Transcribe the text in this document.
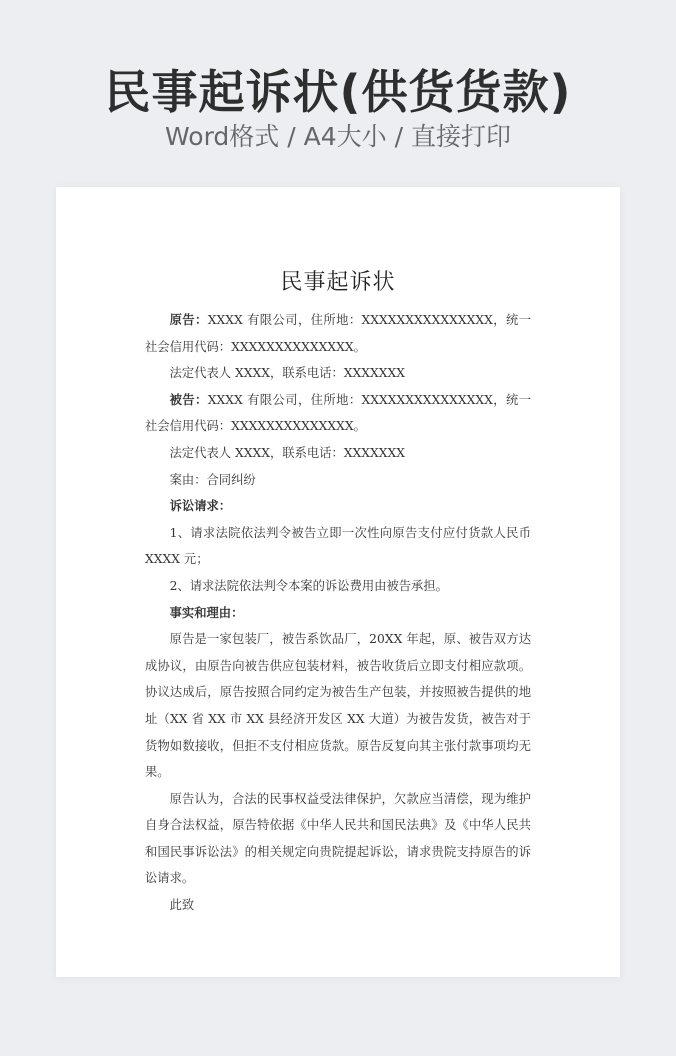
民事起诉状(供货货款)
Word格式 / A4大小 / 直接打印
民事起诉状

原告：XXXX 有限公司，住所地：XXXXXXXXXXXXXXX，统一社会信用代码：XXXXXXXXXXXXXX。

法定代表人 XXXX，联系电话：XXXXXXX

被告：XXXX 有限公司，住所地：XXXXXXXXXXXXXXX，统一社会信用代码：XXXXXXXXXXXXXX。

法定代表人 XXXX，联系电话：XXXXXXX

案由：合同纠纷

诉讼请求：

1、请求法院依法判令被告立即一次性向原告支付应付货款人民币 XXXX 元；

2、请求法院依法判令本案的诉讼费用由被告承担。

事实和理由：

原告是一家包装厂，被告系饮品厂，20XX 年起，原、被告双方达成协议，由原告向被告供应包装材料，被告收货后立即支付相应款项。协议达成后，原告按照合同约定为被告生产包装，并按照被告提供的地址（XX 省 XX 市 XX 县经济开发区 XX 大道）为被告发货，被告对于货物如数接收，但拒不支付相应货款。原告反复向其主张付款事项均无果。

原告认为，合法的民事权益受法律保护，欠款应当清偿，现为维护自身合法权益，原告特依据《中华人民共和国民法典》及《中华人民共和国民事诉讼法》的相关规定向贵院提起诉讼，请求贵院支持原告的诉讼请求。

此致
